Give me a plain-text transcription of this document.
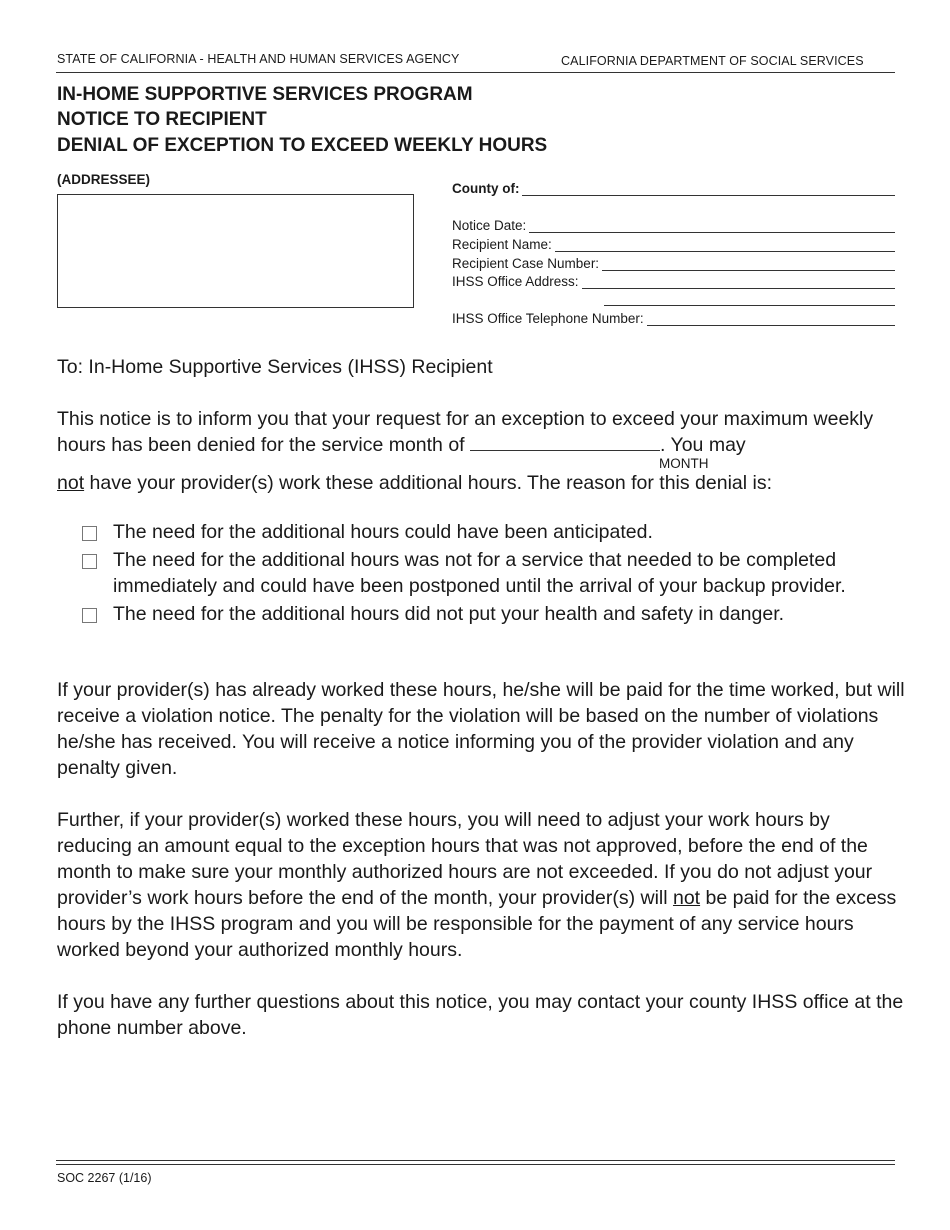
STATE OF CALIFORNIA - HEALTH AND HUMAN SERVICES AGENCY	CALIFORNIA DEPARTMENT OF SOCIAL SERVICES
IN-HOME SUPPORTIVE SERVICES PROGRAM
NOTICE TO RECIPIENT
DENIAL OF EXCEPTION TO EXCEED WEEKLY HOURS
(ADDRESSEE)
County of:
Notice Date:
Recipient Name:
Recipient Case Number:
IHSS Office Address:
IHSS Office Telephone Number:
To: In-Home Supportive Services (IHSS) Recipient
This notice is to inform you that your request for an exception to exceed your maximum weekly hours has been denied for the service month of	. You may
MONTH
not have your provider(s) work these additional hours. The reason for this denial is:
The need for the additional hours could have been anticipated.
The need for the additional hours was not for a service that needed to be completed immediately and could have been postponed until the arrival of your backup provider.
The need for the additional hours did not put your health and safety in danger.
If your provider(s) has already worked these hours, he/she will be paid for the time worked, but will receive a violation notice. The penalty for the violation will be based on the number of violations he/she has received. You will receive a notice informing you of the provider violation and any penalty given.
Further, if your provider(s) worked these hours, you will need to adjust your work hours by reducing an amount equal to the exception hours that was not approved, before the end of the month to make sure your monthly authorized hours are not exceeded. If you do not adjust your provider’s work hours before the end of the month, your provider(s) will not be paid for the excess hours by the IHSS program and you will be responsible for the payment of any service hours worked beyond your authorized monthly hours.
If you have any further questions about this notice, you may contact your county IHSS office at the phone number above.
SOC 2267 (1/16)
